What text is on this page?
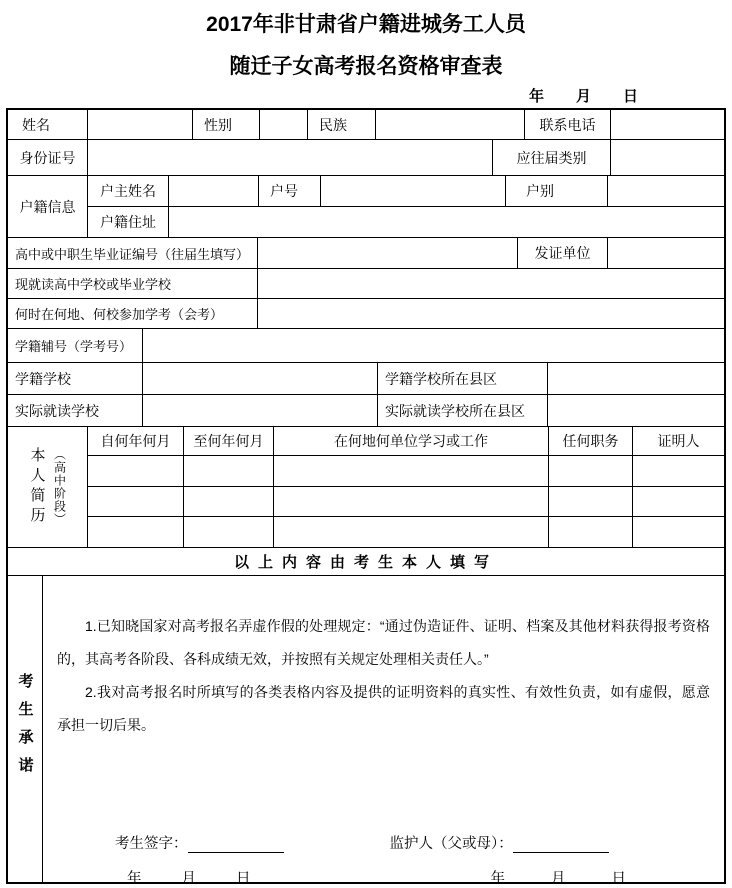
2017年非甘肃省户籍进城务工人员
随迁子女高考报名资格审查表
年 月 日
姓名	性别	民族	联系电话
身份证号	应往届类别
户籍信息
户主姓名	户号	户别
户籍住址
高中或中职生毕业证编号（往届生填写）	发证单位
现就读高中学校或毕业学校
何时在何地、何校参加学考（会考）
学籍辅号（学考号）
学籍学校	学籍学校所在县区
实际就读学校	实际就读学校所在县区
本人简历 （高中阶段）
自何年何月	至何年何月	在何地何单位学习或工作	任何职务	证明人
以上内容由考生本人填写
考生承诺

1.已知晓国家对高考报名弄虚作假的处理规定：“通过伪造证件、证明、档案及其他材料获得报考资格的，其高考各阶段、各科成绩无效，并按照有关规定处理相关责任人。”

2.我对高考报名时所填写的各类表格内容及提供的证明资料的真实性、有效性负责，如有虚假，愿意承担一切后果。

考生签字：	监护人（父或母）：
年	月	日	年	月	日
